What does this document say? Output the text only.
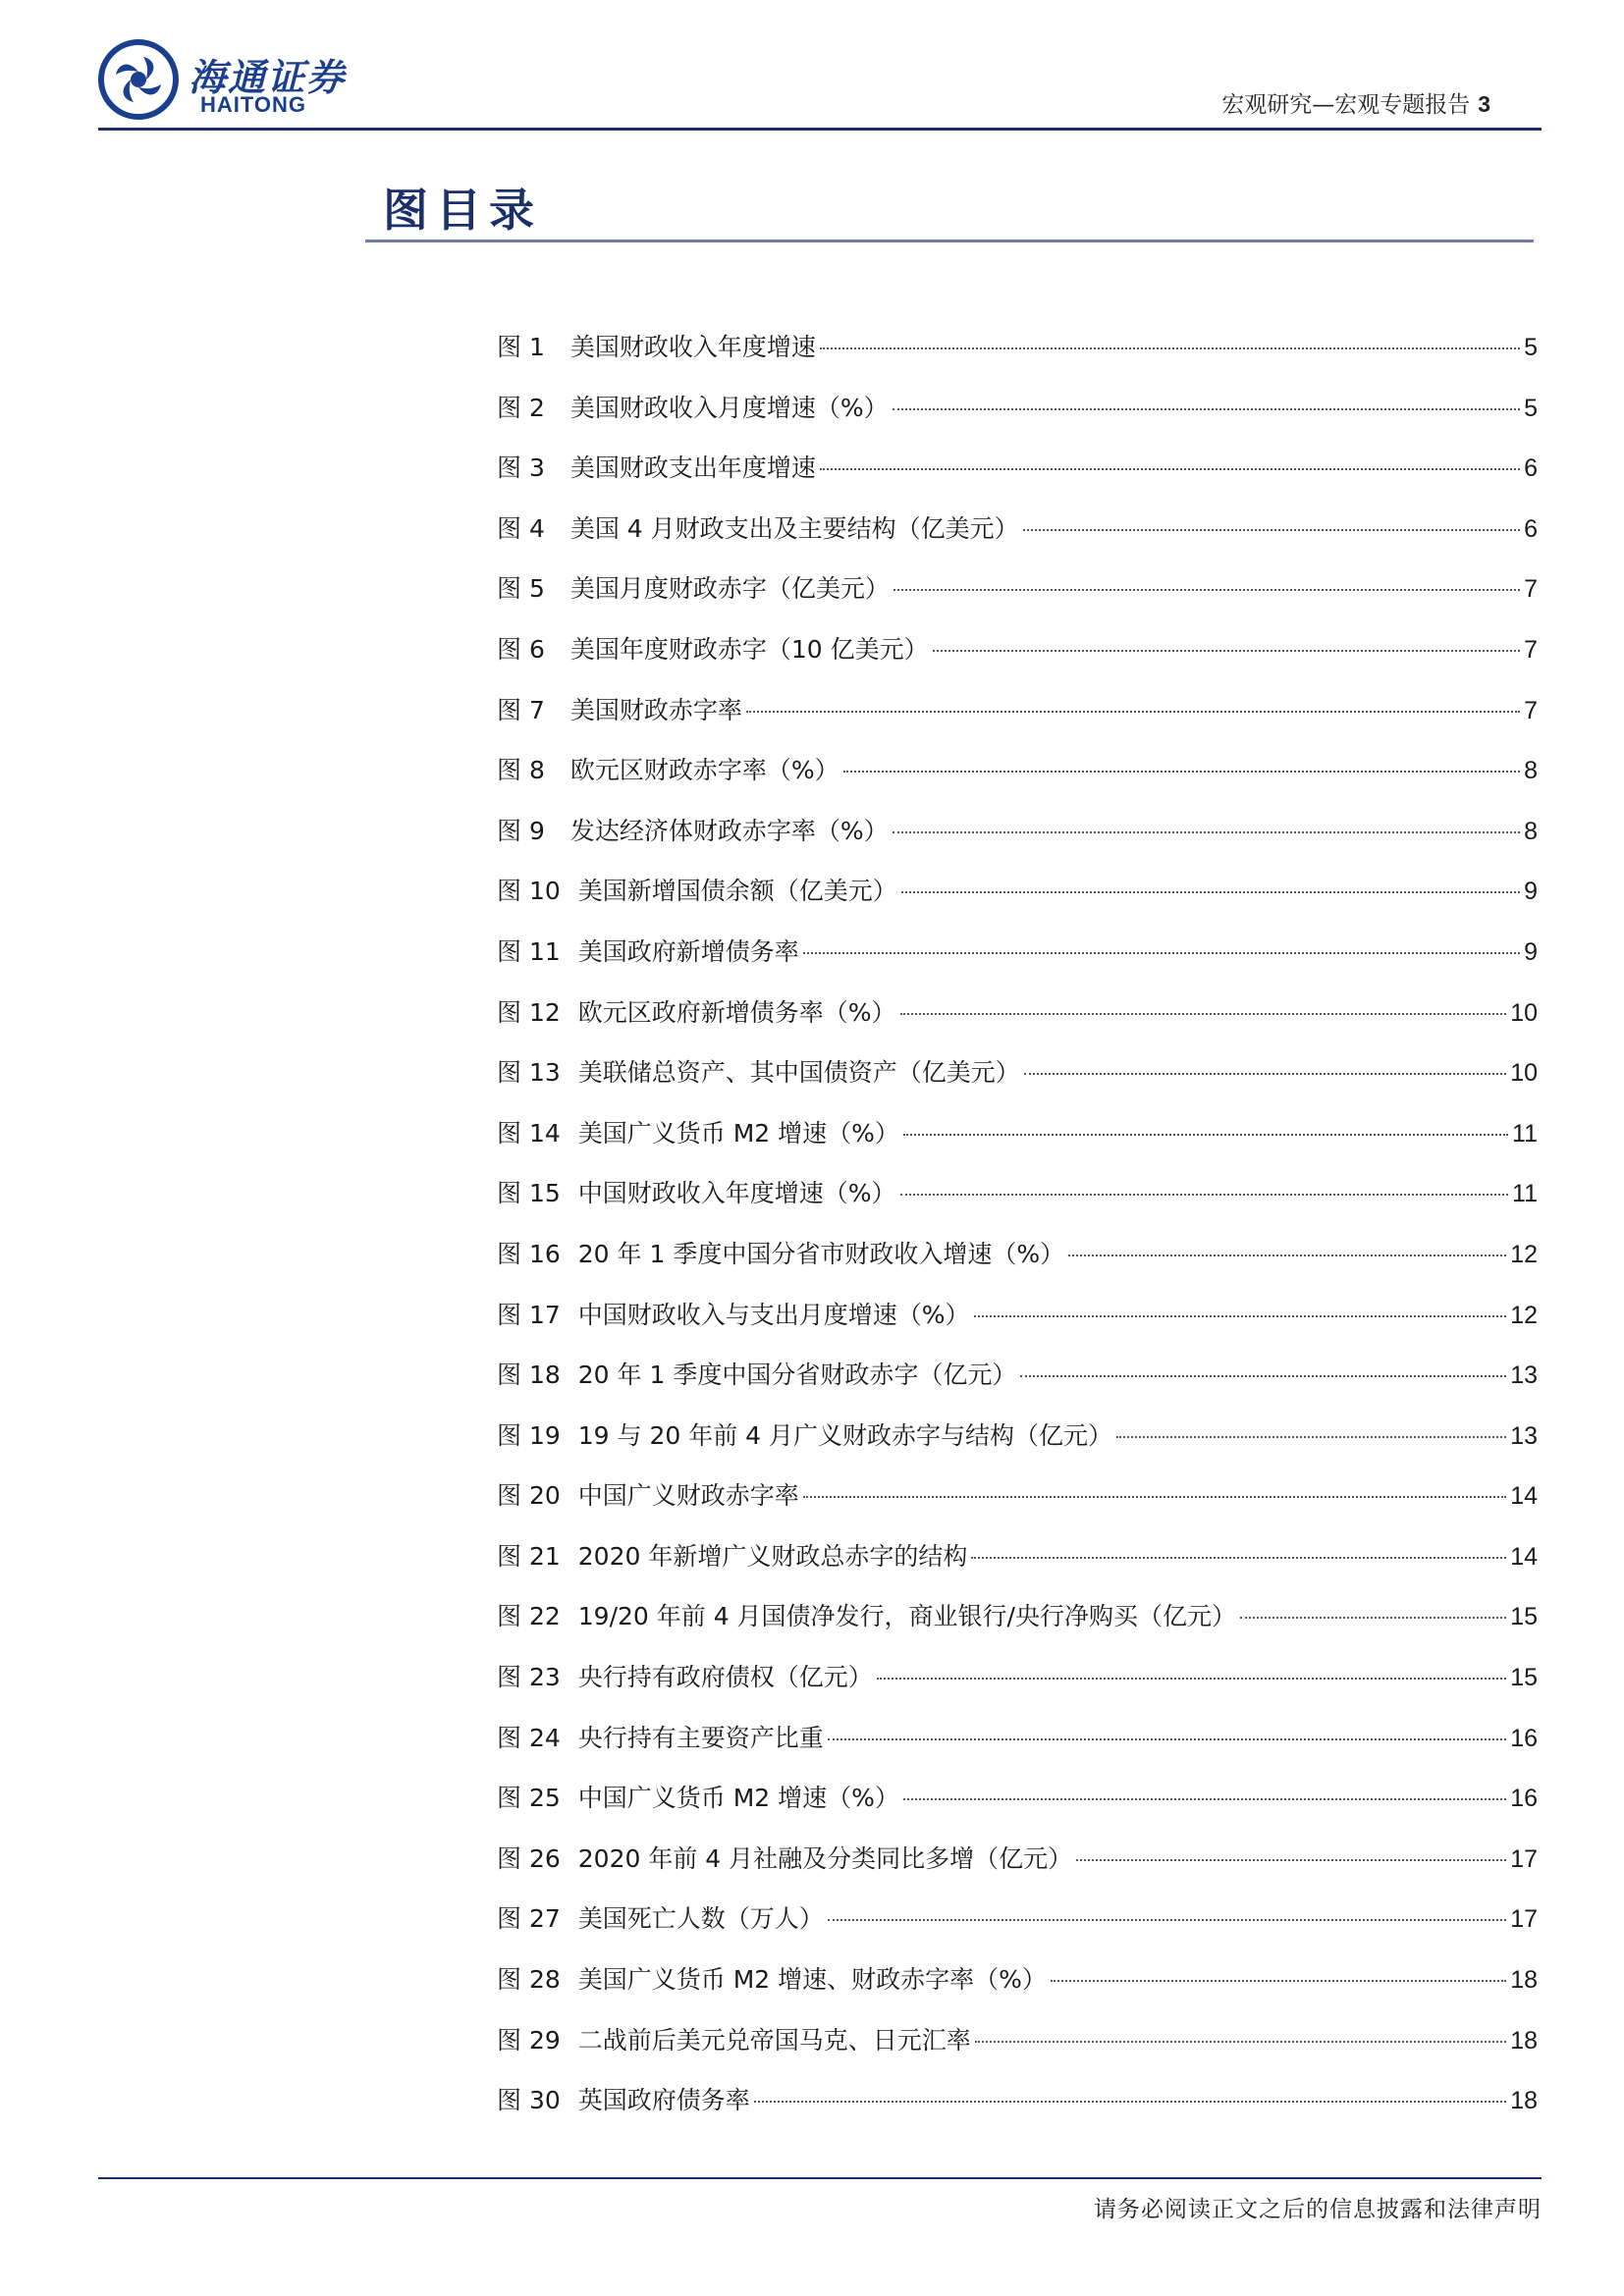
海通证券
HAITONG	宏观研究—宏观专题报告 3
图目录
图 1 美国财政收入年度增速	5
图 2 美国财政收入月度增速（%）	5
图 3 美国财政支出年度增速	6
图 4 美国 4 月财政支出及主要结构（亿美元）	6
图 5 美国月度财政赤字（亿美元）	7
图 6 美国年度财政赤字（10 亿美元）	7
图 7 美国财政赤字率	7
图 8 欧元区财政赤字率（%）	8
图 9 发达经济体财政赤字率（%）	8
图 10 美国新增国债余额（亿美元）	9
图 11 美国政府新增债务率	9
图 12 欧元区政府新增债务率（%）	10
图 13 美联储总资产、其中国债资产（亿美元）	10
图 14 美国广义货币 M2 增速（%）	11
图 15 中国财政收入年度增速（%）	11
图 16 20 年 1 季度中国分省市财政收入增速（%）	12
图 17 中国财政收入与支出月度增速（%）	12
图 18 20 年 1 季度中国分省财政赤字（亿元）	13
图 19 19 与 20 年前 4 月广义财政赤字与结构（亿元）	13
图 20 中国广义财政赤字率	14
图 21 2020 年新增广义财政总赤字的结构	14
图 22 19/20 年前 4 月国债净发行，商业银行/央行净购买（亿元）	15
图 23 央行持有政府债权（亿元）	15
图 24 央行持有主要资产比重	16
图 25 中国广义货币 M2 增速（%）	16
图 26 2020 年前 4 月社融及分类同比多增（亿元）	17
图 27 美国死亡人数（万人）	17
图 28 美国广义货币 M2 增速、财政赤字率（%）	18
图 29 二战前后美元兑帝国马克、日元汇率	18
图 30 英国政府债务率	18
请务必阅读正文之后的信息披露和法律声明
